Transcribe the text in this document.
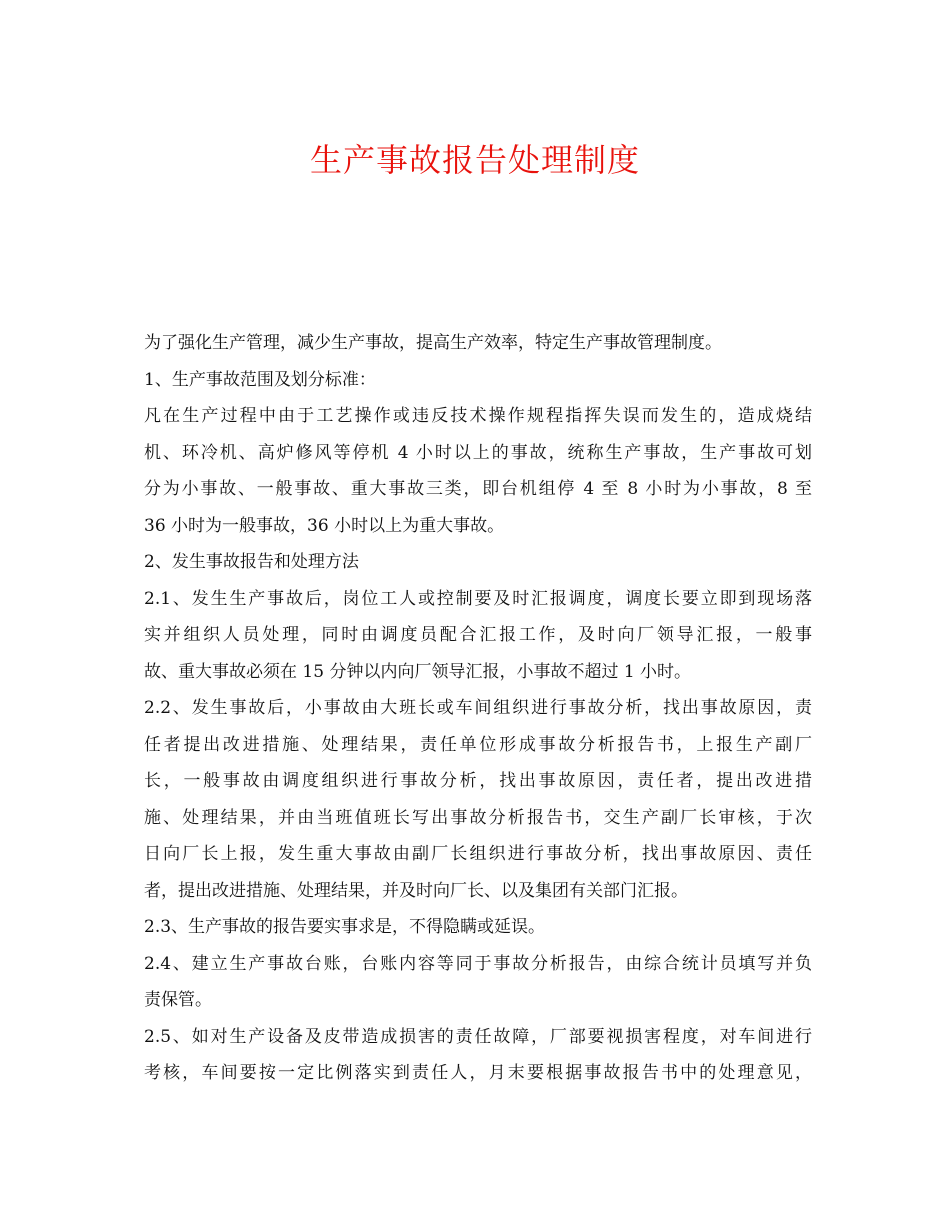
生产事故报告处理制度
为了强化生产管理，减少生产事故，提高生产效率，特定生产事故管理制度。
1、生产事故范围及划分标准：
凡在生产过程中由于工艺操作或违反技术操作规程指挥失误而发生的，造成烧结
机、环冷机、高炉修风等停机 4 小时以上的事故，统称生产事故，生产事故可划
分为小事故、一般事故、重大事故三类，即台机组停 4 至 8 小时为小事故，8 至
36 小时为一般事故，36 小时以上为重大事故。
2、发生事故报告和处理方法
2.1、发生生产事故后，岗位工人或控制要及时汇报调度，调度长要立即到现场落
实并组织人员处理，同时由调度员配合汇报工作，及时向厂领导汇报，一般事
故、重大事故必须在 15 分钟以内向厂领导汇报，小事故不超过 1 小时。
2.2、发生事故后，小事故由大班长或车间组织进行事故分析，找出事故原因，责
任者提出改进措施、处理结果，责任单位形成事故分析报告书，上报生产副厂
长，一般事故由调度组织进行事故分析，找出事故原因，责任者，提出改进措
施、处理结果，并由当班值班长写出事故分析报告书，交生产副厂长审核，于次
日向厂长上报，发生重大事故由副厂长组织进行事故分析，找出事故原因、责任
者，提出改进措施、处理结果，并及时向厂长、以及集团有关部门汇报。
2.3、生产事故的报告要实事求是，不得隐瞒或延误。
2.4、建立生产事故台账，台账内容等同于事故分析报告，由综合统计员填写并负
责保管。
2.5、如对生产设备及皮带造成损害的责任故障，厂部要视损害程度，对车间进行
考核，车间要按一定比例落实到责任人，月末要根据事故报告书中的处理意见，
